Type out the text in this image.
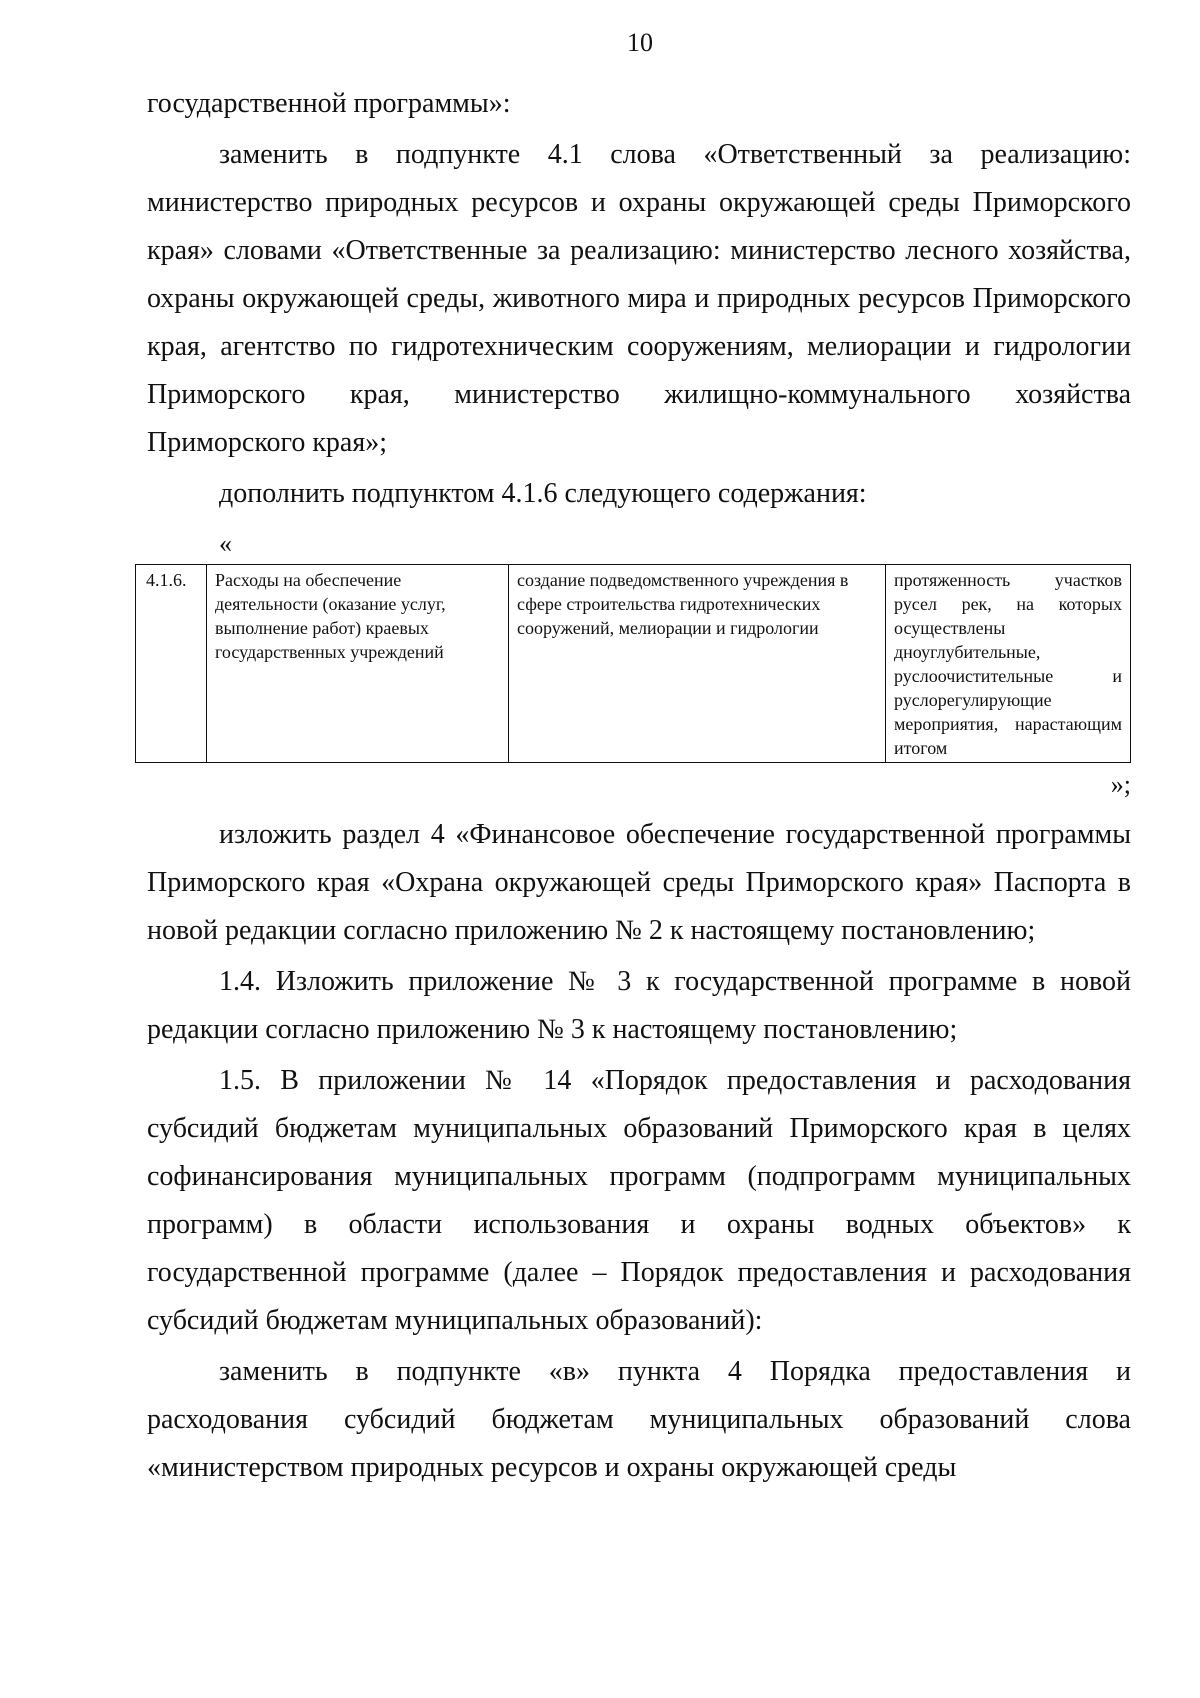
10

государственной программы»:

заменить в подпункте 4.1 слова «Ответственный за реализацию: министерство природных ресурсов и охраны окружающей среды Приморского края» словами «Ответственные за реализацию: министерство лесного хозяйства, охраны окружающей среды, животного мира и природных ресурсов Приморского края, агентство по гидротехническим сооружениям, мелиорации и гидрологии Приморского края, министерство жилищно-коммунального хозяйства Приморского края»;

дополнить подпунктом 4.1.6 следующего содержания:

«
4.1.6.	Расходы на обеспечение деятельности (оказание услуг, выполнение работ) краевых государственных учреждений	создание подведомственного учреждения в сфере строительства гидротехнических сооружений, мелиорации и гидрологии	протяженность участков русел рек, на которых осуществлены дноуглубительные, руслоочистительные и руслорегулирующие мероприятия, нарастающим итогом
»;

изложить раздел 4 «Финансовое обеспечение государственной программы Приморского края «Охрана окружающей среды Приморского края» Паспорта в новой редакции согласно приложению № 2 к настоящему постановлению;

1.4. Изложить приложение № 3 к государственной программе в новой редакции согласно приложению № 3 к настоящему постановлению;

1.5. В приложении № 14 «Порядок предоставления и расходования субсидий бюджетам муниципальных образований Приморского края в целях софинансирования муниципальных программ (подпрограмм муниципальных программ) в области использования и охраны водных объектов» к государственной программе (далее – Порядок предоставления и расходования субсидий бюджетам муниципальных образований):

заменить в подпункте «в» пункта 4 Порядка предоставления и расходования субсидий бюджетам муниципальных образований слова «министерством природных ресурсов и охраны окружающей среды
